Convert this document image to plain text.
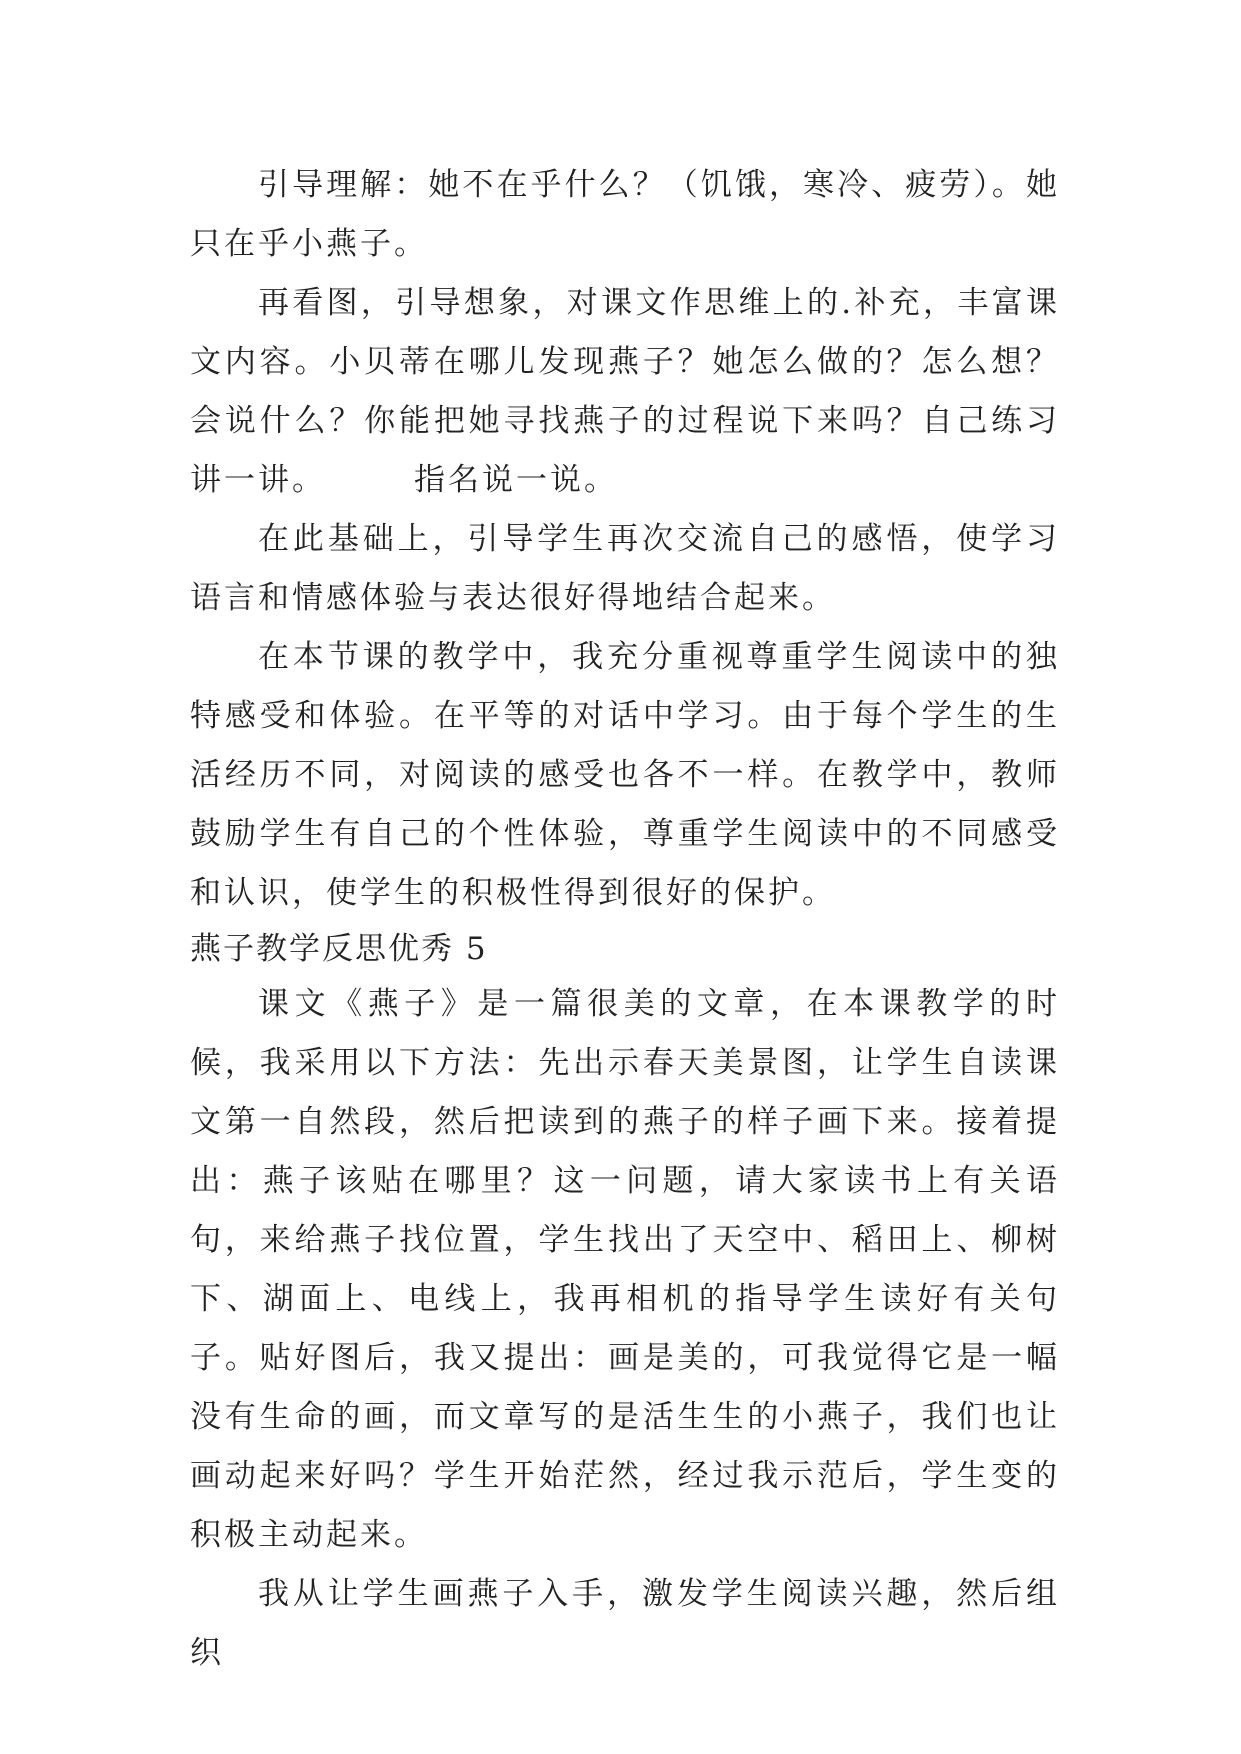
引导理解：她不在乎什么？（饥饿，寒冷、疲劳）。她只在乎小燕子。

再看图，引导想象，对课文作思维上的.补充，丰富课文内容。小贝蒂在哪儿发现燕子？她怎么做的？怎么想？会说什么？你能把她寻找燕子的过程说下来吗？自己练习讲一讲。	指名说一说。

在此基础上，引导学生再次交流自己的感悟，使学习语言和情感体验与表达很好得地结合起来。

在本节课的教学中，我充分重视尊重学生阅读中的独特感受和体验。在平等的对话中学习。由于每个学生的生活经历不同，对阅读的感受也各不一样。在教学中，教师鼓励学生有自己的个性体验，尊重学生阅读中的不同感受和认识，使学生的积极性得到很好的保护。

燕子教学反思优秀 5

课文《燕子》是一篇很美的文章，在本课教学的时候，我采用以下方法：先出示春天美景图，让学生自读课文第一自然段，然后把读到的燕子的样子画下来。接着提出：燕子该贴在哪里？这一问题，请大家读书上有关语句，来给燕子找位置，学生找出了天空中、稻田上、柳树下、湖面上、电线上，我再相机的指导学生读好有关句子。贴好图后，我又提出：画是美的，可我觉得它是一幅没有生命的画，而文章写的是活生生的小燕子，我们也让画动起来好吗？学生开始茫然，经过我示范后，学生变的积极主动起来。

我从让学生画燕子入手，激发学生阅读兴趣，然后组织
